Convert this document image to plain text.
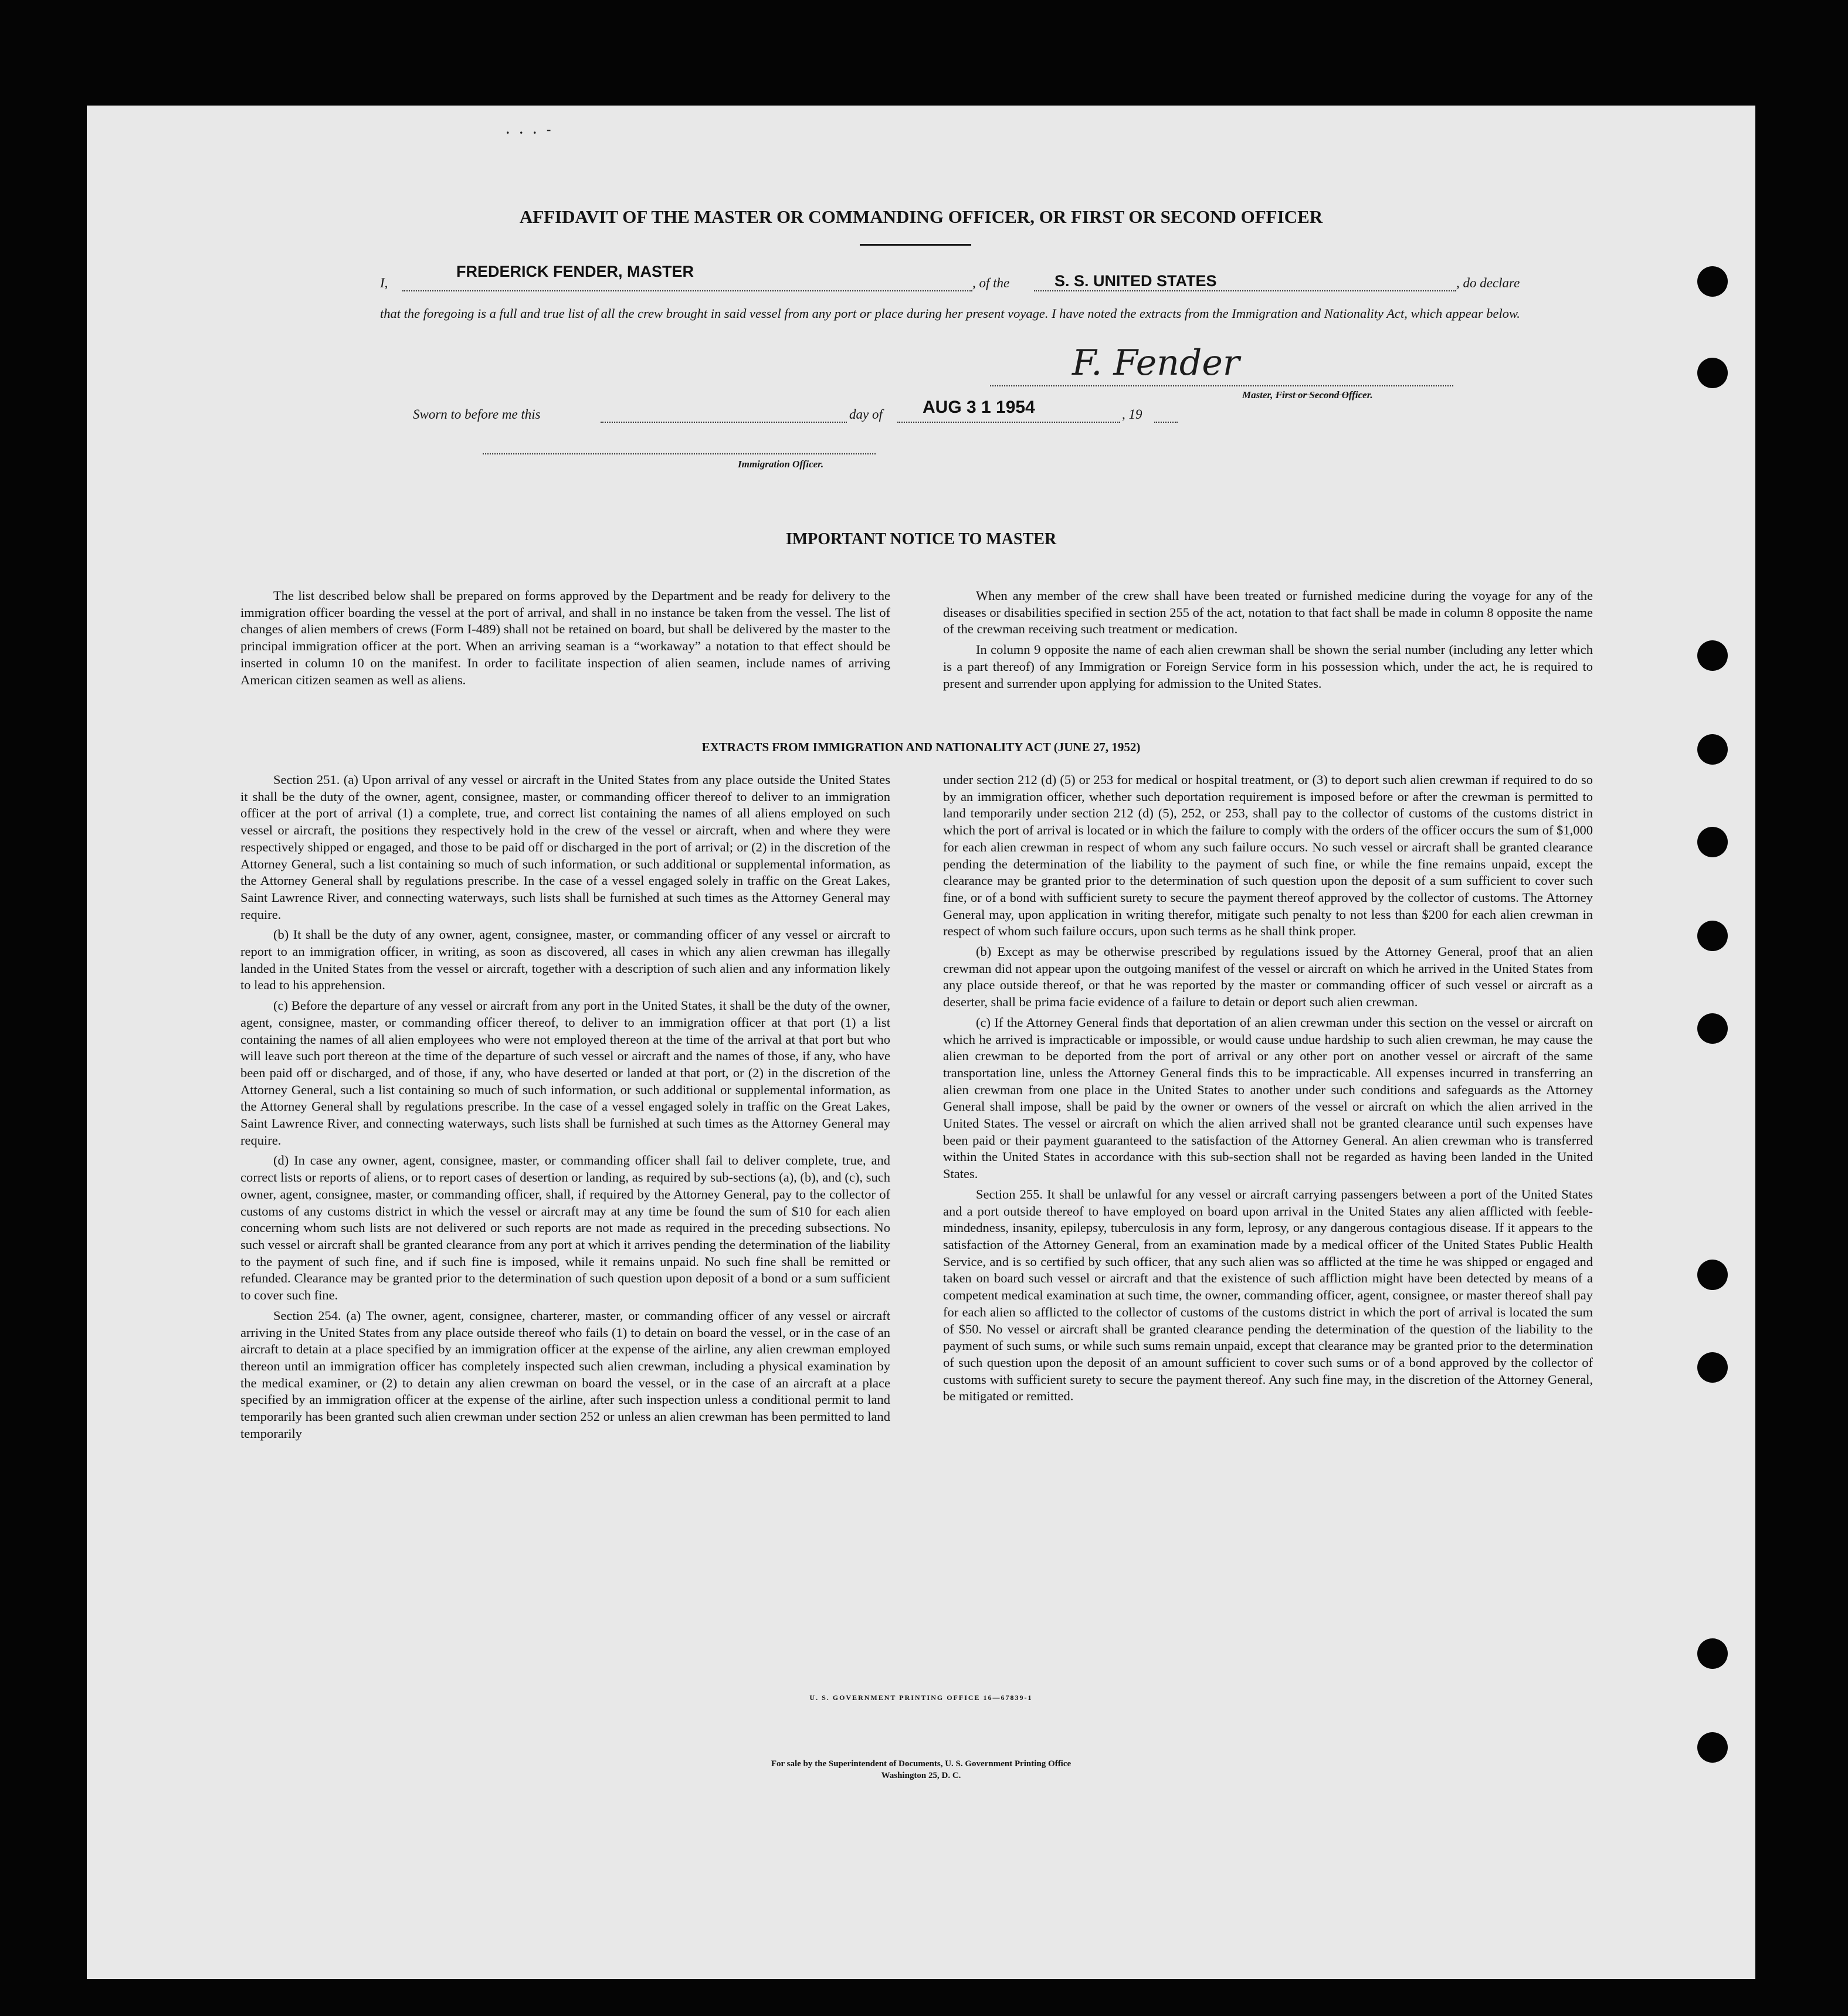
. . . -
AFFIDAVIT OF THE MASTER OR COMMANDING OFFICER, OR FIRST OR SECOND OFFICER
I,
FREDERICK FENDER, MASTER
, of the	S. S. UNITED STATES	, do declare
that the foregoing is a full and true list of all the crew brought in said vessel from any port or place during her present voyage. I have noted the extracts from the Immigration and Nationality Act, which appear below.
F. Fender
Master, First or Second Officer.
Sworn to before me this	day of AUG 3 1 1954	, 19
Immigration Officer.
IMPORTANT NOTICE TO MASTER

The list described below shall be prepared on forms approved by the Department and be ready for delivery to the immigration officer boarding the vessel at the port of arrival, and shall in no instance be taken from the vessel. The list of changes of alien members of crews (Form I-489) shall not be retained on board, but shall be delivered by the master to the principal immigration officer at the port. When an arriving seaman is a “workaway” a notation to that effect should be inserted in column 10 on the manifest. In order to facilitate inspection of alien seamen, include names of arriving American citizen seamen as well as aliens.

When any member of the crew shall have been treated or furnished medicine during the voyage for any of the diseases or disabilities specified in section 255 of the act, notation to that fact shall be made in column 8 opposite the name of the crewman receiving such treatment or medication.

In column 9 opposite the name of each alien crewman shall be shown the serial number (including any letter which is a part thereof) of any Immigration or Foreign Service form in his possession which, under the act, he is required to present and surrender upon applying for admission to the United States.

EXTRACTS FROM IMMIGRATION AND NATIONALITY ACT (JUNE 27, 1952)

Section 251. (a) Upon arrival of any vessel or aircraft in the United States from any place outside the United States it shall be the duty of the owner, agent, consignee, master, or commanding officer thereof to deliver to an immigration officer at the port of arrival (1) a complete, true, and correct list containing the names of all aliens employed on such vessel or aircraft, the positions they respectively hold in the crew of the vessel or aircraft, when and where they were respectively shipped or engaged, and those to be paid off or discharged in the port of arrival; or (2) in the discretion of the Attorney General, such a list containing so much of such information, or such additional or supplemental information, as the Attorney General shall by regulations prescribe. In the case of a vessel engaged solely in traffic on the Great Lakes, Saint Lawrence River, and connecting waterways, such lists shall be furnished at such times as the Attorney General may require.

(b) It shall be the duty of any owner, agent, consignee, master, or commanding officer of any vessel or aircraft to report to an immigration officer, in writing, as soon as discovered, all cases in which any alien crewman has illegally landed in the United States from the vessel or aircraft, together with a description of such alien and any information likely to lead to his apprehension.

(c) Before the departure of any vessel or aircraft from any port in the United States, it shall be the duty of the owner, agent, consignee, master, or commanding officer thereof, to deliver to an immigration officer at that port (1) a list containing the names of all alien employees who were not employed thereon at the time of the arrival at that port but who will leave such port thereon at the time of the departure of such vessel or aircraft and the names of those, if any, who have been paid off or discharged, and of those, if any, who have deserted or landed at that port, or (2) in the discretion of the Attorney General, such a list containing so much of such information, or such additional or supplemental information, as the Attorney General shall by regulations prescribe. In the case of a vessel engaged solely in traffic on the Great Lakes, Saint Lawrence River, and connecting waterways, such lists shall be furnished at such times as the Attorney General may require.

(d) In case any owner, agent, consignee, master, or commanding officer shall fail to deliver complete, true, and correct lists or reports of aliens, or to report cases of desertion or landing, as required by sub-sections (a), (b), and (c), such owner, agent, consignee, master, or commanding officer, shall, if required by the Attorney General, pay to the collector of customs of any customs district in which the vessel or aircraft may at any time be found the sum of $10 for each alien concerning whom such lists are not delivered or such reports are not made as required in the preceding subsections. No such vessel or aircraft shall be granted clearance from any port at which it arrives pending the determination of the liability to the payment of such fine, and if such fine is imposed, while it remains unpaid. No such fine shall be remitted or refunded. Clearance may be granted prior to the determination of such question upon deposit of a bond or a sum sufficient to cover such fine.

Section 254. (a) The owner, agent, consignee, charterer, master, or commanding officer of any vessel or aircraft arriving in the United States from any place outside thereof who fails (1) to detain on board the vessel, or in the case of an aircraft to detain at a place specified by an immigration officer at the expense of the airline, any alien crewman employed thereon until an immigration officer has completely inspected such alien crewman, including a physical examination by the medical examiner, or (2) to detain any alien crewman on board the vessel, or in the case of an aircraft at a place specified by an immigration officer at the expense of the airline, after such inspection unless a conditional permit to land temporarily has been granted such alien crewman under section 252 or unless an alien crewman has been permitted to land temporarily

under section 212 (d) (5) or 253 for medical or hospital treatment, or (3) to deport such alien crewman if required to do so by an immigration officer, whether such deportation requirement is imposed before or after the crewman is permitted to land temporarily under section 212 (d) (5), 252, or 253, shall pay to the collector of customs of the customs district in which the port of arrival is located or in which the failure to comply with the orders of the officer occurs the sum of $1,000 for each alien crewman in respect of whom any such failure occurs. No such vessel or aircraft shall be granted clearance pending the determination of the liability to the payment of such fine, or while the fine remains unpaid, except the clearance may be granted prior to the determination of such question upon the deposit of a sum sufficient to cover such fine, or of a bond with sufficient surety to secure the payment thereof approved by the collector of customs. The Attorney General may, upon application in writing therefor, mitigate such penalty to not less than $200 for each alien crewman in respect of whom such failure occurs, upon such terms as he shall think proper.

(b) Except as may be otherwise prescribed by regulations issued by the Attorney General, proof that an alien crewman did not appear upon the outgoing manifest of the vessel or aircraft on which he arrived in the United States from any place outside thereof, or that he was reported by the master or commanding officer of such vessel or aircraft as a deserter, shall be prima facie evidence of a failure to detain or deport such alien crewman.

(c) If the Attorney General finds that deportation of an alien crewman under this section on the vessel or aircraft on which he arrived is impracticable or impossible, or would cause undue hardship to such alien crewman, he may cause the alien crewman to be deported from the port of arrival or any other port on another vessel or aircraft of the same transportation line, unless the Attorney General finds this to be impracticable. All expenses incurred in transferring an alien crewman from one place in the United States to another under such conditions and safeguards as the Attorney General shall impose, shall be paid by the owner or owners of the vessel or aircraft on which the alien arrived in the United States. The vessel or aircraft on which the alien arrived shall not be granted clearance until such expenses have been paid or their payment guaranteed to the satisfaction of the Attorney General. An alien crewman who is transferred within the United States in accordance with this sub-section shall not be regarded as having been landed in the United States.

Section 255. It shall be unlawful for any vessel or aircraft carrying passengers between a port of the United States and a port outside thereof to have employed on board upon arrival in the United States any alien afflicted with feeble-mindedness, insanity, epilepsy, tuberculosis in any form, leprosy, or any dangerous contagious disease. If it appears to the satisfaction of the Attorney General, from an examination made by a medical officer of the United States Public Health Service, and is so certified by such officer, that any such alien was so afflicted at the time he was shipped or engaged and taken on board such vessel or aircraft and that the existence of such affliction might have been detected by means of a competent medical examination at such time, the owner, commanding officer, agent, consignee, or master thereof shall pay for each alien so afflicted to the collector of customs of the customs district in which the port of arrival is located the sum of $50. No vessel or aircraft shall be granted clearance pending the determination of the question of the liability to the payment of such sums, or while such sums remain unpaid, except that clearance may be granted prior to the determination of such question upon the deposit of an amount sufficient to cover such sums or of a bond approved by the collector of customs with sufficient surety to secure the payment thereof. Any such fine may, in the discretion of the Attorney General, be mitigated or remitted.

U. S. GOVERNMENT PRINTING OFFICE 16—67839-1
For sale by the Superintendent of Documents, U. S. Government Printing Office
Washington 25, D. C.
